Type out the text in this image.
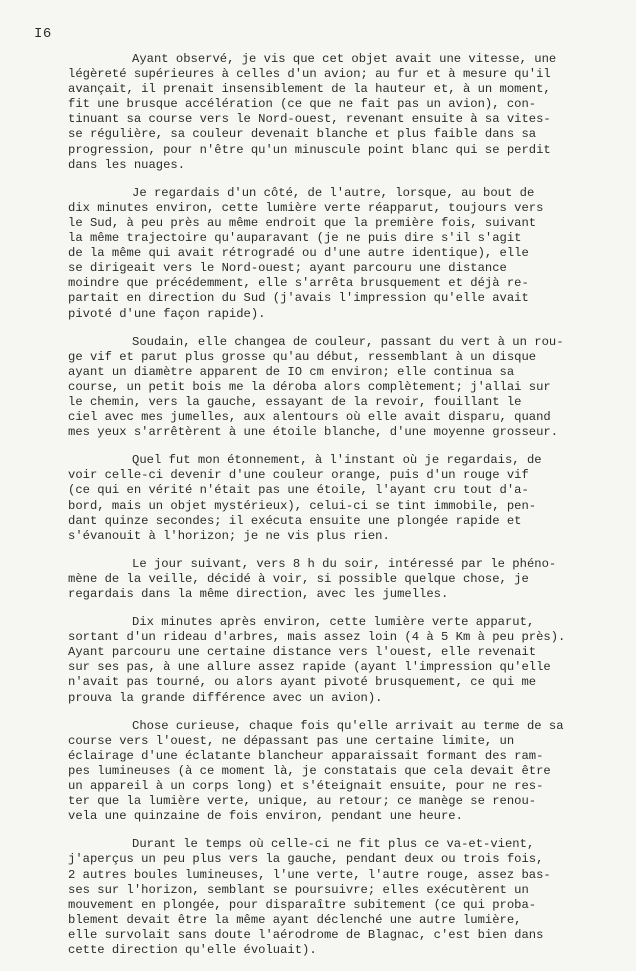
I6

Ayant observé, je vis que cet objet avait une vitesse, une
légèreté supérieures à celles d'un avion; au fur et à mesure qu'il
avançait, il prenait insensiblement de la hauteur et, à un moment,
fit une brusque accélération (ce que ne fait pas un avion), con-
tinuant sa course vers le Nord-ouest, revenant ensuite à sa vites-
se régulière, sa couleur devenait blanche et plus faible dans sa
progression, pour n'être qu'un minuscule point blanc qui se perdit
dans les nuages.

Je regardais d'un côté, de l'autre, lorsque, au bout de
dix minutes environ, cette lumière verte réapparut, toujours vers
le Sud, à peu près au même endroit que la première fois, suivant
la même trajectoire qu'auparavant (je ne puis dire s'il s'agit
de la même qui avait rétrogradé ou d'une autre identique), elle
se dirigeait vers le Nord-ouest; ayant parcouru une distance
moindre que précédemment, elle s'arrêta brusquement et déjà re-
partait en direction du Sud (j'avais l'impression qu'elle avait
pivoté d'une façon rapide).

Soudain, elle changea de couleur, passant du vert à un rou-
ge vif et parut plus grosse qu'au début, ressemblant à un disque
ayant un diamètre apparent de IO cm environ; elle continua sa
course, un petit bois me la déroba alors complètement; j'allai sur
le chemin, vers la gauche, essayant de la revoir, fouillant le
ciel avec mes jumelles, aux alentours où elle avait disparu, quand
mes yeux s'arrêtèrent à une étoile blanche, d'une moyenne grosseur.

Quel fut mon étonnement, à l'instant où je regardais, de
voir celle-ci devenir d'une couleur orange, puis d'un rouge vif
(ce qui en vérité n'était pas une étoile, l'ayant cru tout d'a-
bord, mais un objet mystérieux), celui-ci se tint immobile, pen-
dant quinze secondes; il exécuta ensuite une plongée rapide et
s'évanouit à l'horizon; je ne vis plus rien.

Le jour suivant, vers 8 h du soir, intéressé par le phéno-
mène de la veille, décidé à voir, si possible quelque chose, je
regardais dans la même direction, avec les jumelles.

Dix minutes après environ, cette lumière verte apparut,
sortant d'un rideau d'arbres, mais assez loin (4 à 5 Km à peu près).
Ayant parcouru une certaine distance vers l'ouest, elle revenait
sur ses pas, à une allure assez rapide (ayant l'impression qu'elle
n'avait pas tourné, ou alors ayant pivoté brusquement, ce qui me
prouva la grande différence avec un avion).

Chose curieuse, chaque fois qu'elle arrivait au terme de sa
course vers l'ouest, ne dépassant pas une certaine limite, un
éclairage d'une éclatante blancheur apparaissait formant des ram-
pes lumineuses (à ce moment là, je constatais que cela devait être
un appareil à un corps long) et s'éteignait ensuite, pour ne res-
ter que la lumière verte, unique, au retour; ce manège se renou-
vela une quinzaine de fois environ, pendant une heure.

Durant le temps où celle-ci ne fit plus ce va-et-vient,
j'aperçus un peu plus vers la gauche, pendant deux ou trois fois,
2 autres boules lumineuses, l'une verte, l'autre rouge, assez bas-
ses sur l'horizon, semblant se poursuivre; elles exécutèrent un
mouvement en plongée, pour disparaître subitement (ce qui proba-
blement devait être la même ayant déclenché une autre lumière,
elle survolait sans doute l'aérodrome de Blagnac, c'est bien dans
cette direction qu'elle évoluait).
